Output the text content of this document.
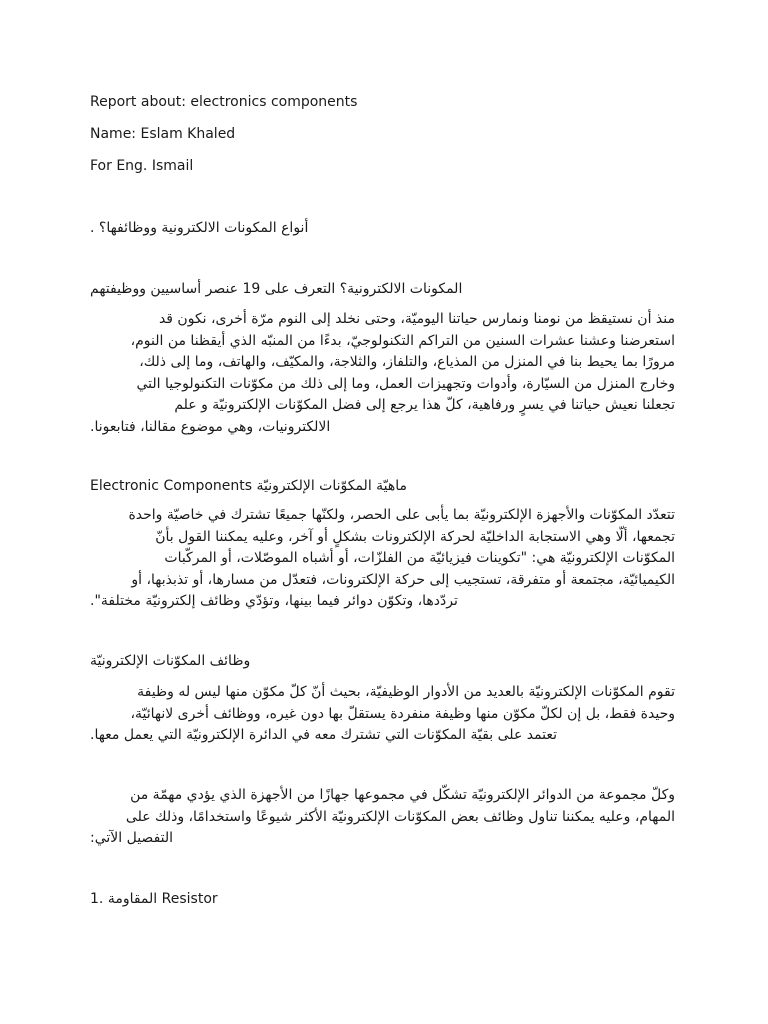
Report about: electronics components
Name: Eslam Khaled
For Eng. Ismail
أنواع المكونات الالكترونية ووظائفها؟ .
المكونات الالكترونية؟ التعرف على 19 عنصر أساسيين ووظيفتهم
منذ أن نستيقظ من نومنا ونمارس حياتنا اليوميّة، وحتى نخلد إلى النوم مرّة أخرى، نكون قد
استعرضنا وعشنا عشرات السنين من التراكم التكنولوجيّ، بدءًا من المنبّه الذي أيقظنا من النوم،
مرورًا بما يحيط بنا في المنزل من المذياع، والتلفاز، والثلاجة، والمكيّف، والهاتف، وما إلى ذلك،
وخارج المنزل من السيّارة، وأدوات وتجهيزات العمل، وما إلى ذلك من مكوّنات التكنولوجيا التي
تجعلنا نعيش حياتنا في يسرٍ ورفاهية، كلّ هذا يرجع إلى فضل المكوّنات الإلكترونيّة و علم
الالكترونيات، وهي موضوع مقالنا، فتابعونا.
ماهيّة المكوّنات الإلكترونيّة Electronic Components
تتعدّد المكوّنات والأجهزة الإلكترونيّة بما يأبى على الحصر، ولكنّها جميعًا تشترك في خاصيّة واحدة
تجمعها، ألّا وهي الاستجابة الداخليّة لحركة الإلكترونات بشكلٍ أو آخر، وعليه يمكننا القول بأنّ
المكوّنات الإلكترونيّة هي: "تكوينات فيزيائيّة من الفلزّات، أو أشباه الموصّلات، أو المركّبات
الكيميائيّة، مجتمعة أو متفرقة، تستجيب إلى حركة الإلكترونات، فتعدّل من مسارها، أو تذبذبها، أو
تردّدها، وتكوّن دوائر فيما بينها، وتؤدّي وظائف إلكترونيّة مختلفة".
وظائف المكوّنات الإلكترونيّة
تقوم المكوّنات الإلكترونيّة بالعديد من الأدوار الوظيفيّة، بحيث أنّ كلّ مكوّن منها ليس له وظيفة
وحيدة فقط، بل إن لكلّ مكوّن منها وظيفة منفردة يستقلّ بها دون غيره، ووظائف أخرى لانهائيّة،
تعتمد على بقيّة المكوّنات التي تشترك معه في الدائرة الإلكترونيّة التي يعمل معها.
وكلّ مجموعة من الدوائر الإلكترونيّة تشكّل في مجموعها جهازًا من الأجهزة الذي يؤدي مهمّة من
المهام، وعليه يمكننا تناول وظائف بعض المكوّنات الإلكترونيّة الأكثر شيوعًا واستخدامًا، وذلك على
التفصيل الآتي:
1. المقاومة Resistor
